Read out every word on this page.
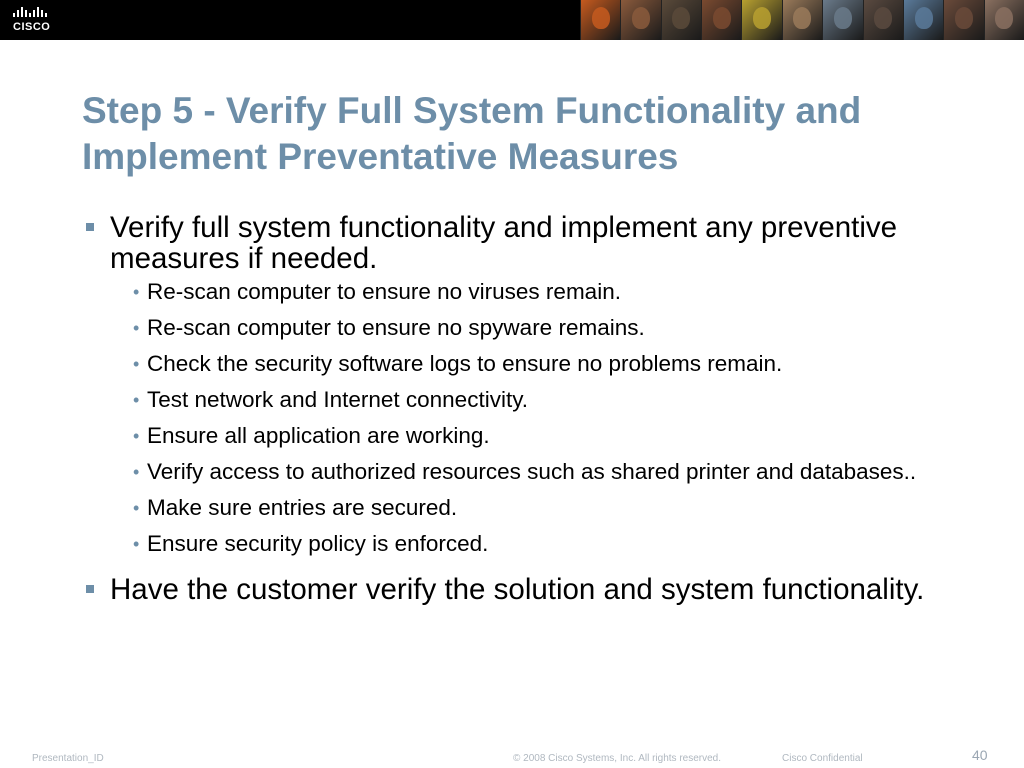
CISCO
Step 5 - Verify Full System Functionality and
Implement Preventative Measures
Verify full system functionality and implement any preventive measures if needed.
• Re-scan computer to ensure no viruses remain.
• Re-scan computer to ensure no spyware remains.
• Check the security software logs to ensure no problems remain.
• Test network and Internet connectivity.
• Ensure all application are working.
• Verify access to authorized resources such as shared printer and databases..
• Make sure entries are secured.
• Ensure security policy is enforced.
Have the customer verify the solution and system functionality.
Presentation_ID	© 2008 Cisco Systems, Inc. All rights reserved.	Cisco Confidential	40
